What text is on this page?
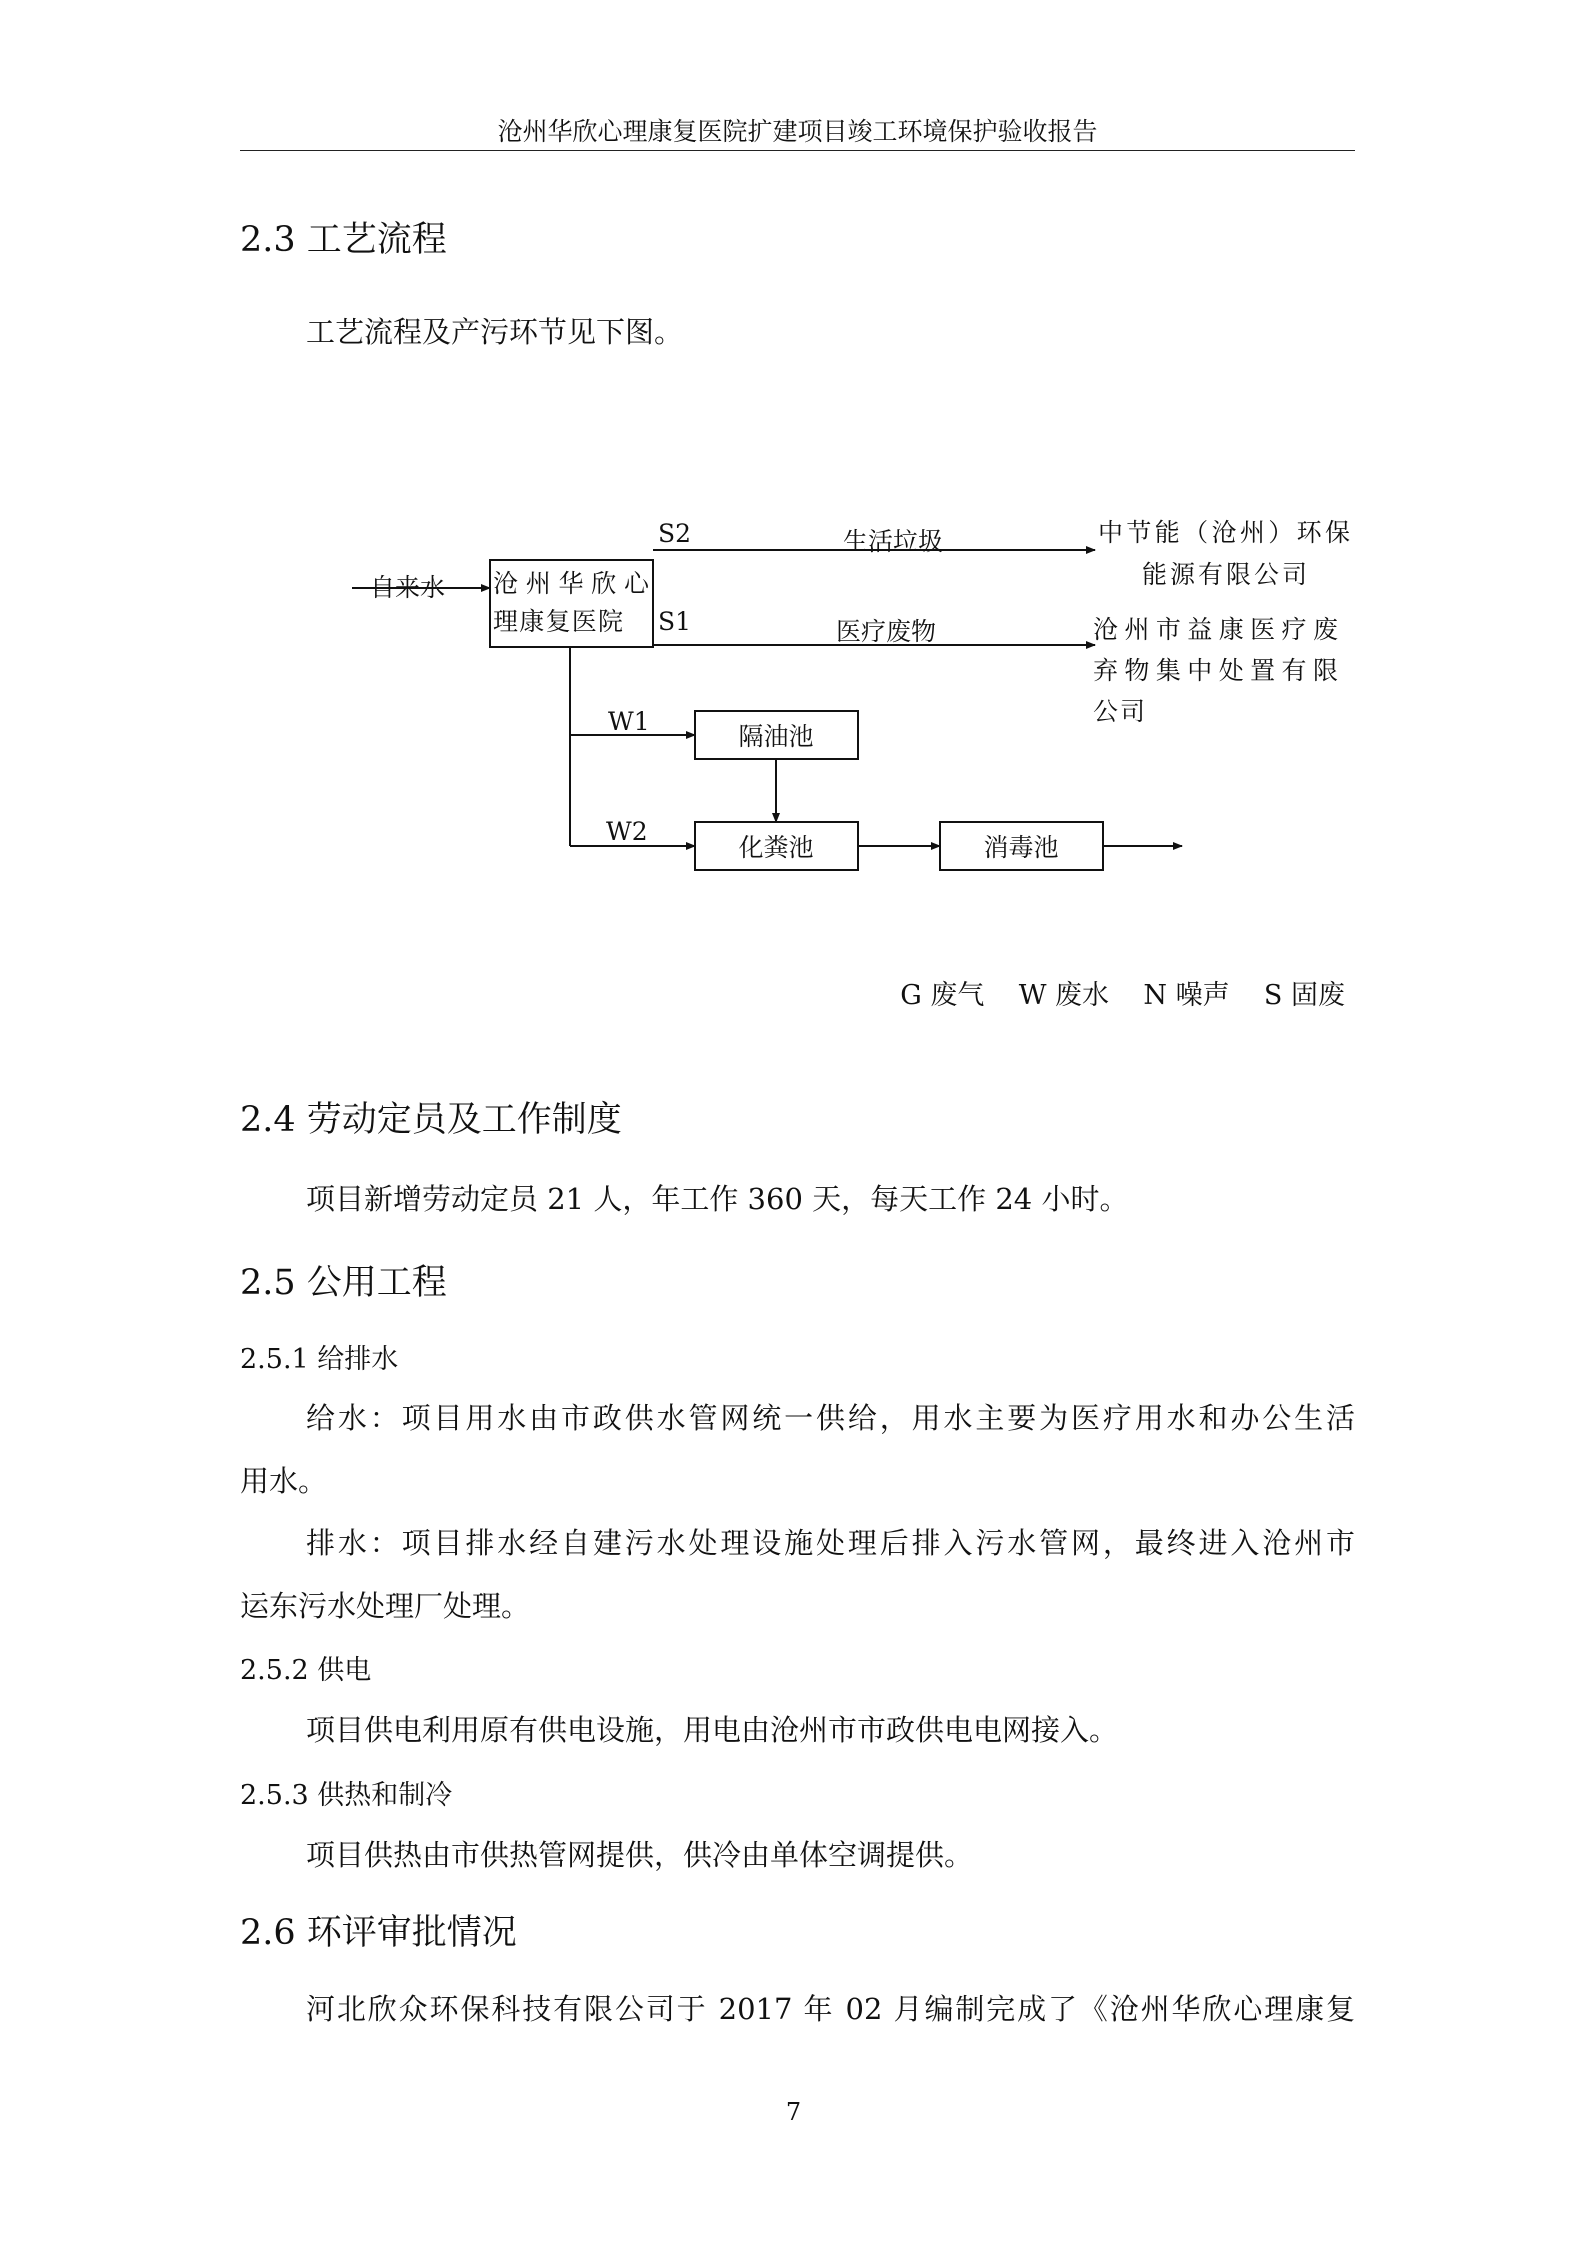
沧州华欣心理康复医院扩建项目竣工环境保护验收报告
2.3 工艺流程
工艺流程及产污环节见下图。
自来水 沧州华欣心
理康复医院
S2	生活垃圾	中节能（沧州）环保
能源有限公司
S1	医疗废物	沧州市益康医疗废
弃物集中处置有限
公司
W1
隔油池
W2
化粪池	消毒池
G 废气    W 废水    N 噪声    S 固废
2.4 劳动定员及工作制度
项目新增劳动定员 21 人，年工作 360 天，每天工作 24 小时。
2.5 公用工程
2.5.1 给排水
给水：项目用水由市政供水管网统一供给，用水主要为医疗用水和办公生活
用水。
排水：项目排水经自建污水处理设施处理后排入污水管网，最终进入沧州市
运东污水处理厂处理。
2.5.2 供电
项目供电利用原有供电设施，用电由沧州市市政供电电网接入。
2.5.3 供热和制冷
项目供热由市供热管网提供，供冷由单体空调提供。
2.6 环评审批情况
河北欣众环保科技有限公司于 2017 年 02 月编制完成了《沧州华欣心理康复
7
